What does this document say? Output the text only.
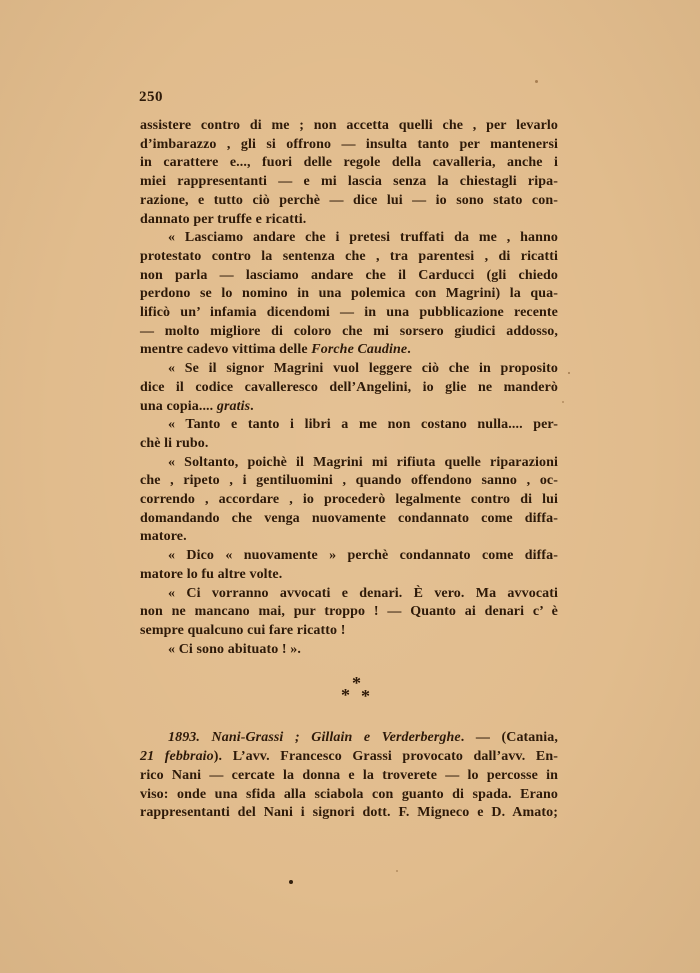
250
assistere contro di me ; non accetta quelli che , per levarlo
d’imbarazzo , gli si offrono — insulta tanto per mantenersi
in carattere e..., fuori delle regole della cavalleria, anche i
miei rappresentanti — e mi lascia senza la chiestagli ripa-
razione, e tutto ciò perchè — dice lui — io sono stato con-
dannato per truffe e ricatti.
« Lasciamo andare che i pretesi truffati da me , hanno
protestato contro la sentenza che , tra parentesi , di ricatti
non parla — lasciamo andare che il Carducci (gli chiedo
perdono se lo nomino in una polemica con Magrini) la qua-
lificò un’ infamia dicendomi — in una pubblicazione recente
— molto migliore di coloro che mi sorsero giudici addosso,
mentre cadevo vittima delle Forche Caudine.
« Se il signor Magrini vuol leggere ciò che in proposito
dice il codice cavalleresco dell’Angelini, io glie ne manderò
una copia.... gratis.
« Tanto e tanto i libri a me non costano nulla.... per-
chè li rubo.
« Soltanto, poichè il Magrini mi rifiuta quelle riparazioni
che , ripeto , i gentiluomini , quando offendono sanno , oc-
correndo , accordare , io procederò legalmente contro di lui
domandando che venga nuovamente condannato come diffa-
matore.
« Dico « nuovamente » perchè condannato come diffa-
matore lo fu altre volte.
« Ci vorranno avvocati e denari. È vero. Ma avvocati
non ne mancano mai, pur troppo ! — Quanto ai denari c’ è
sempre qualcuno cui fare ricatto !
« Ci sono abituato ! ».
*
* *
1893. Nani-Grassi ; Gillain e Verderberghe. — (Catania,
21 febbraio). L’avv. Francesco Grassi provocato dall’avv. En-
rico Nani — cercate la donna e la troverete — lo percosse in
viso: onde una sfida alla sciabola con guanto di spada. Erano
rappresentanti del Nani i signori dott. F. Migneco e D. Amato;
